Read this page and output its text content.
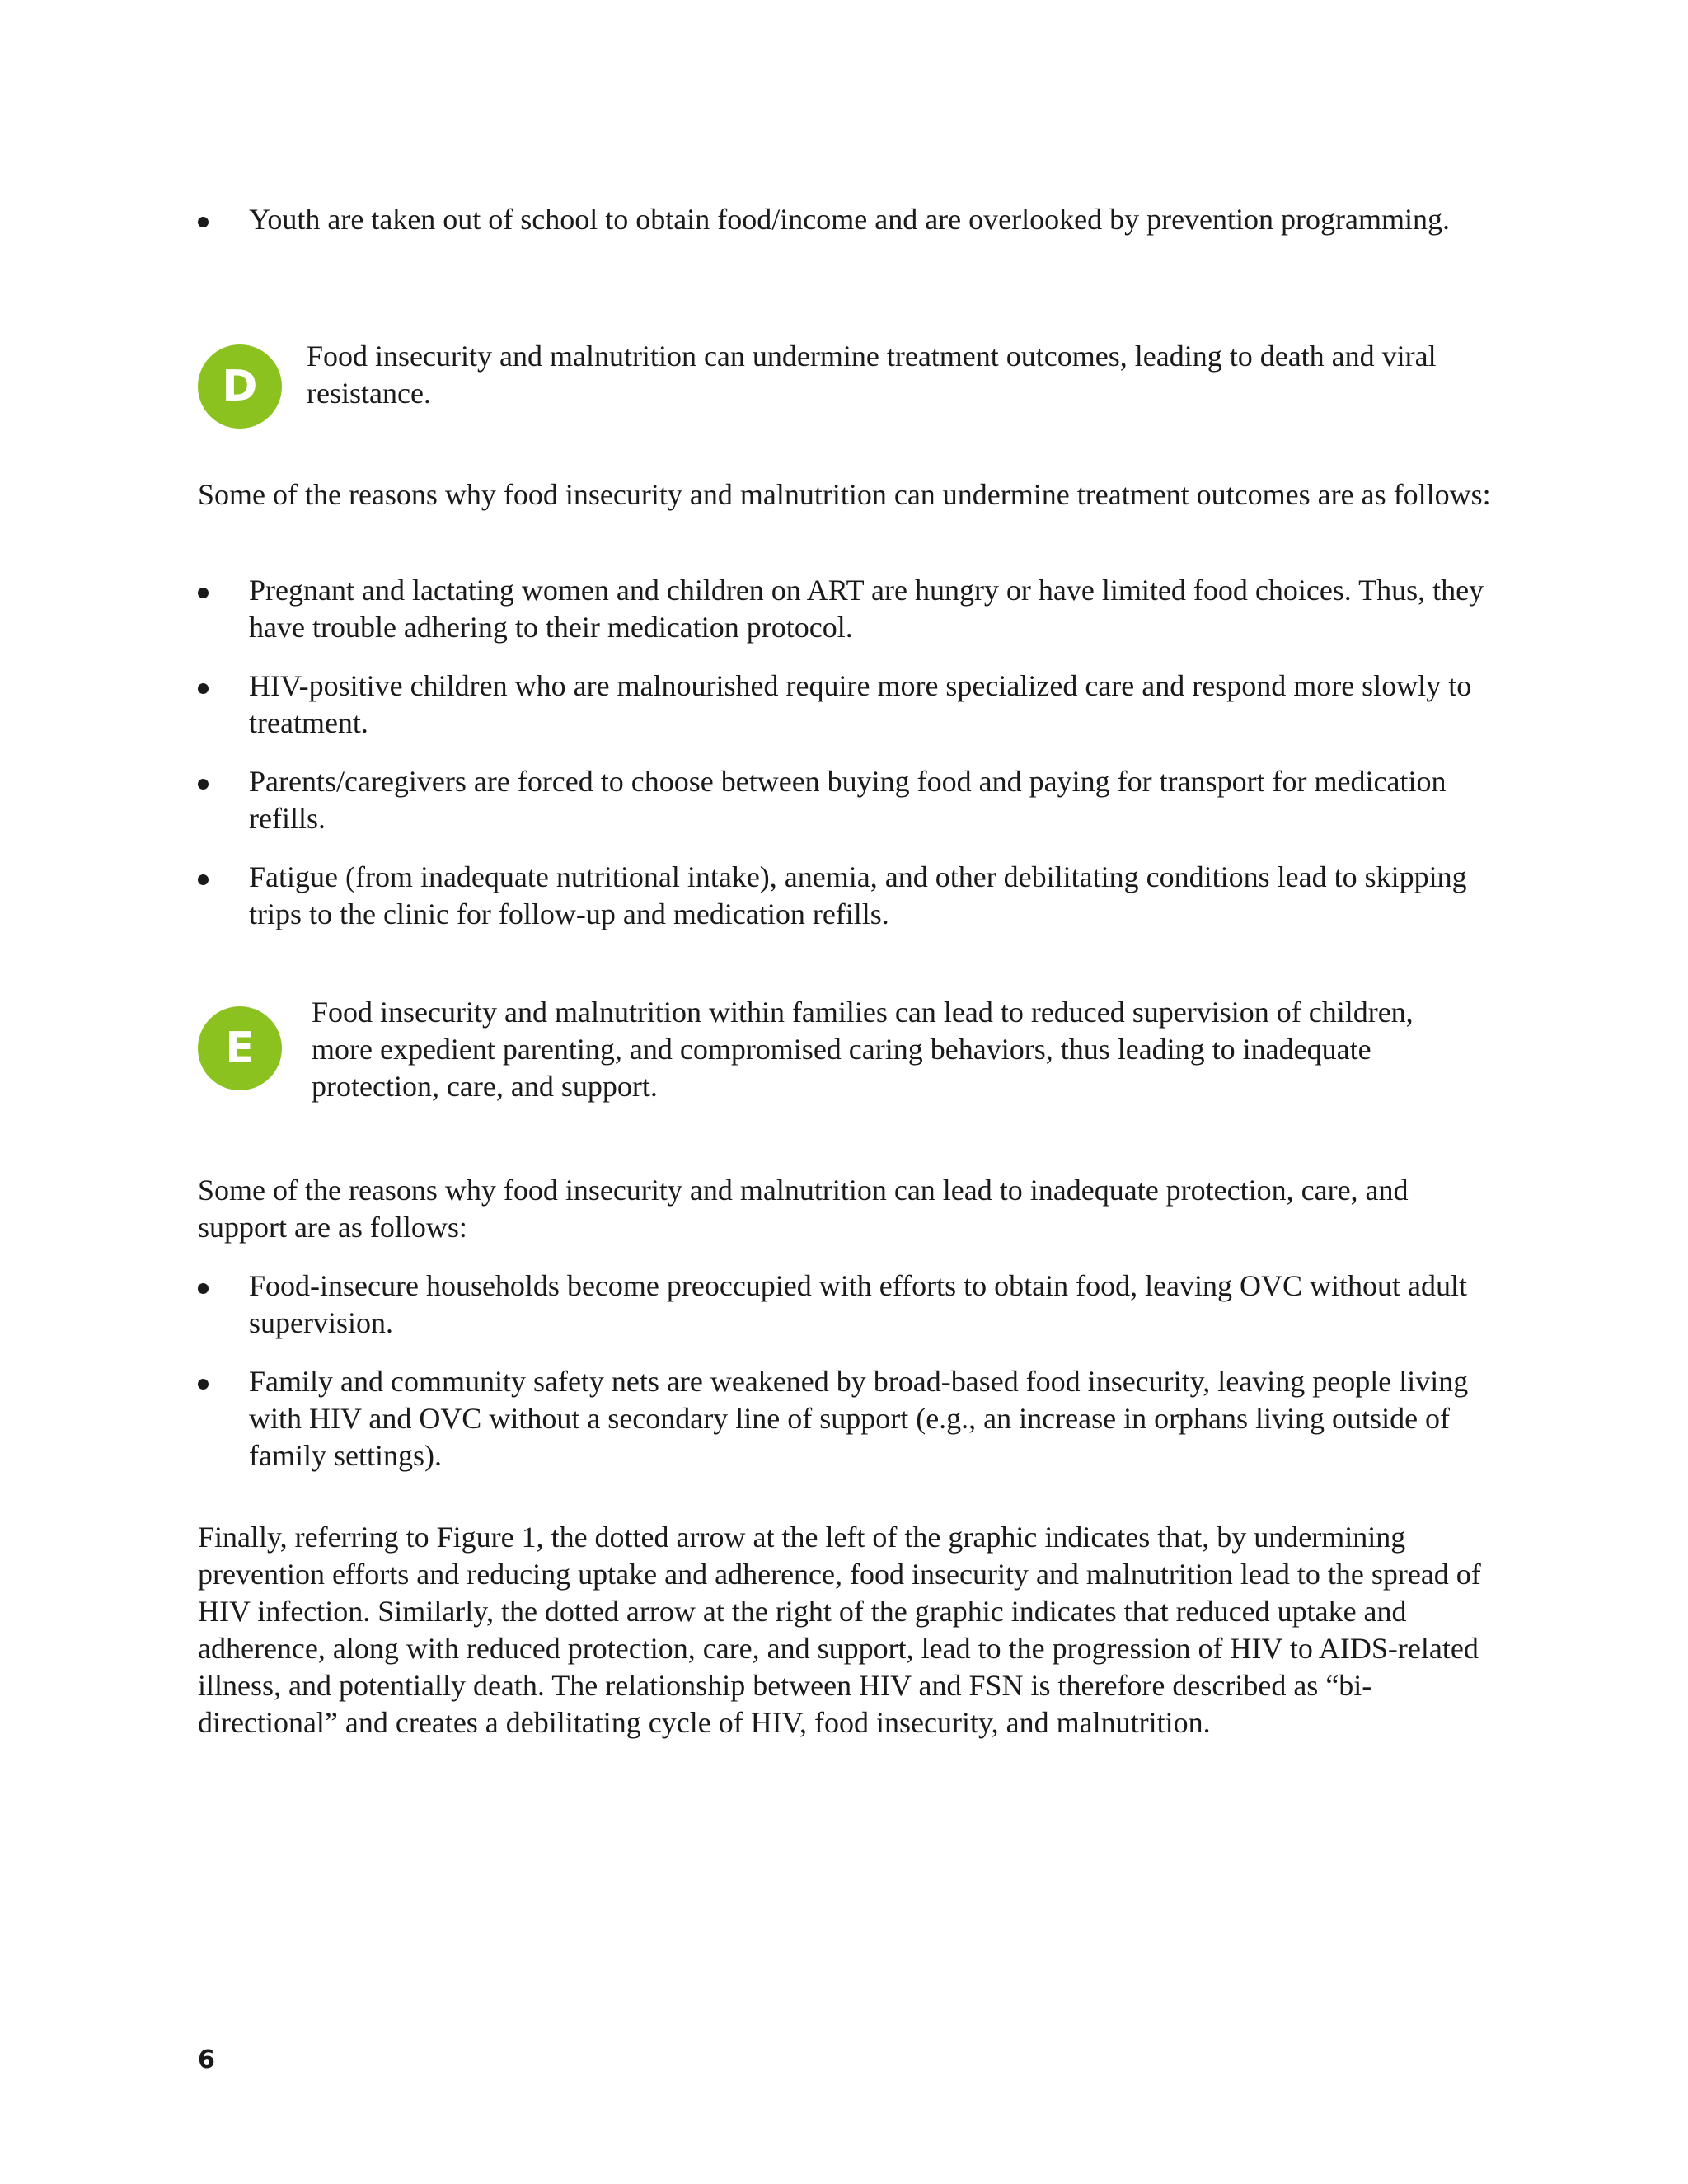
Youth are taken out of school to obtain food/income and are overlooked by prevention programming.
D

Food insecurity and malnutrition can undermine treatment outcomes, leading to death and viral resistance.

Some of the reasons why food insecurity and malnutrition can undermine treatment outcomes are as follows:

Pregnant and lactating women and children on ART are hungry or have limited food choices. Thus, they have trouble adhering to their medication protocol.
HIV-positive children who are malnourished require more specialized care and respond more slowly to treatment.
Parents/caregivers are forced to choose between buying food and paying for transport for medication refills.
Fatigue (from inadequate nutritional intake), anemia, and other debilitating conditions lead to skipping trips to the clinic for follow-up and medication refills.
E

Food insecurity and malnutrition within families can lead to reduced supervision of children, more expedient parenting, and compromised caring behaviors, thus leading to inadequate protection, care, and support.

Some of the reasons why food insecurity and malnutrition can lead to inadequate protection, care, and support are as follows:

Food-insecure households become preoccupied with efforts to obtain food, leaving OVC without adult supervision.
Family and community safety nets are weakened by broad-based food insecurity, leaving people living with HIV and OVC without a secondary line of support (e.g., an increase in orphans living outside of family settings).

Finally, referring to Figure 1, the dotted arrow at the left of the graphic indicates that, by undermining prevention efforts and reducing uptake and adherence, food insecurity and malnutrition lead to the spread of HIV infection. Similarly, the dotted arrow at the right of the graphic indicates that reduced uptake and adherence, along with reduced protection, care, and support, lead to the progression of HIV to AIDS-related illness, and potentially death. The relationship between HIV and FSN is therefore described as “bi-directional” and creates a debilitating cycle of HIV, food insecurity, and malnutrition.

6
